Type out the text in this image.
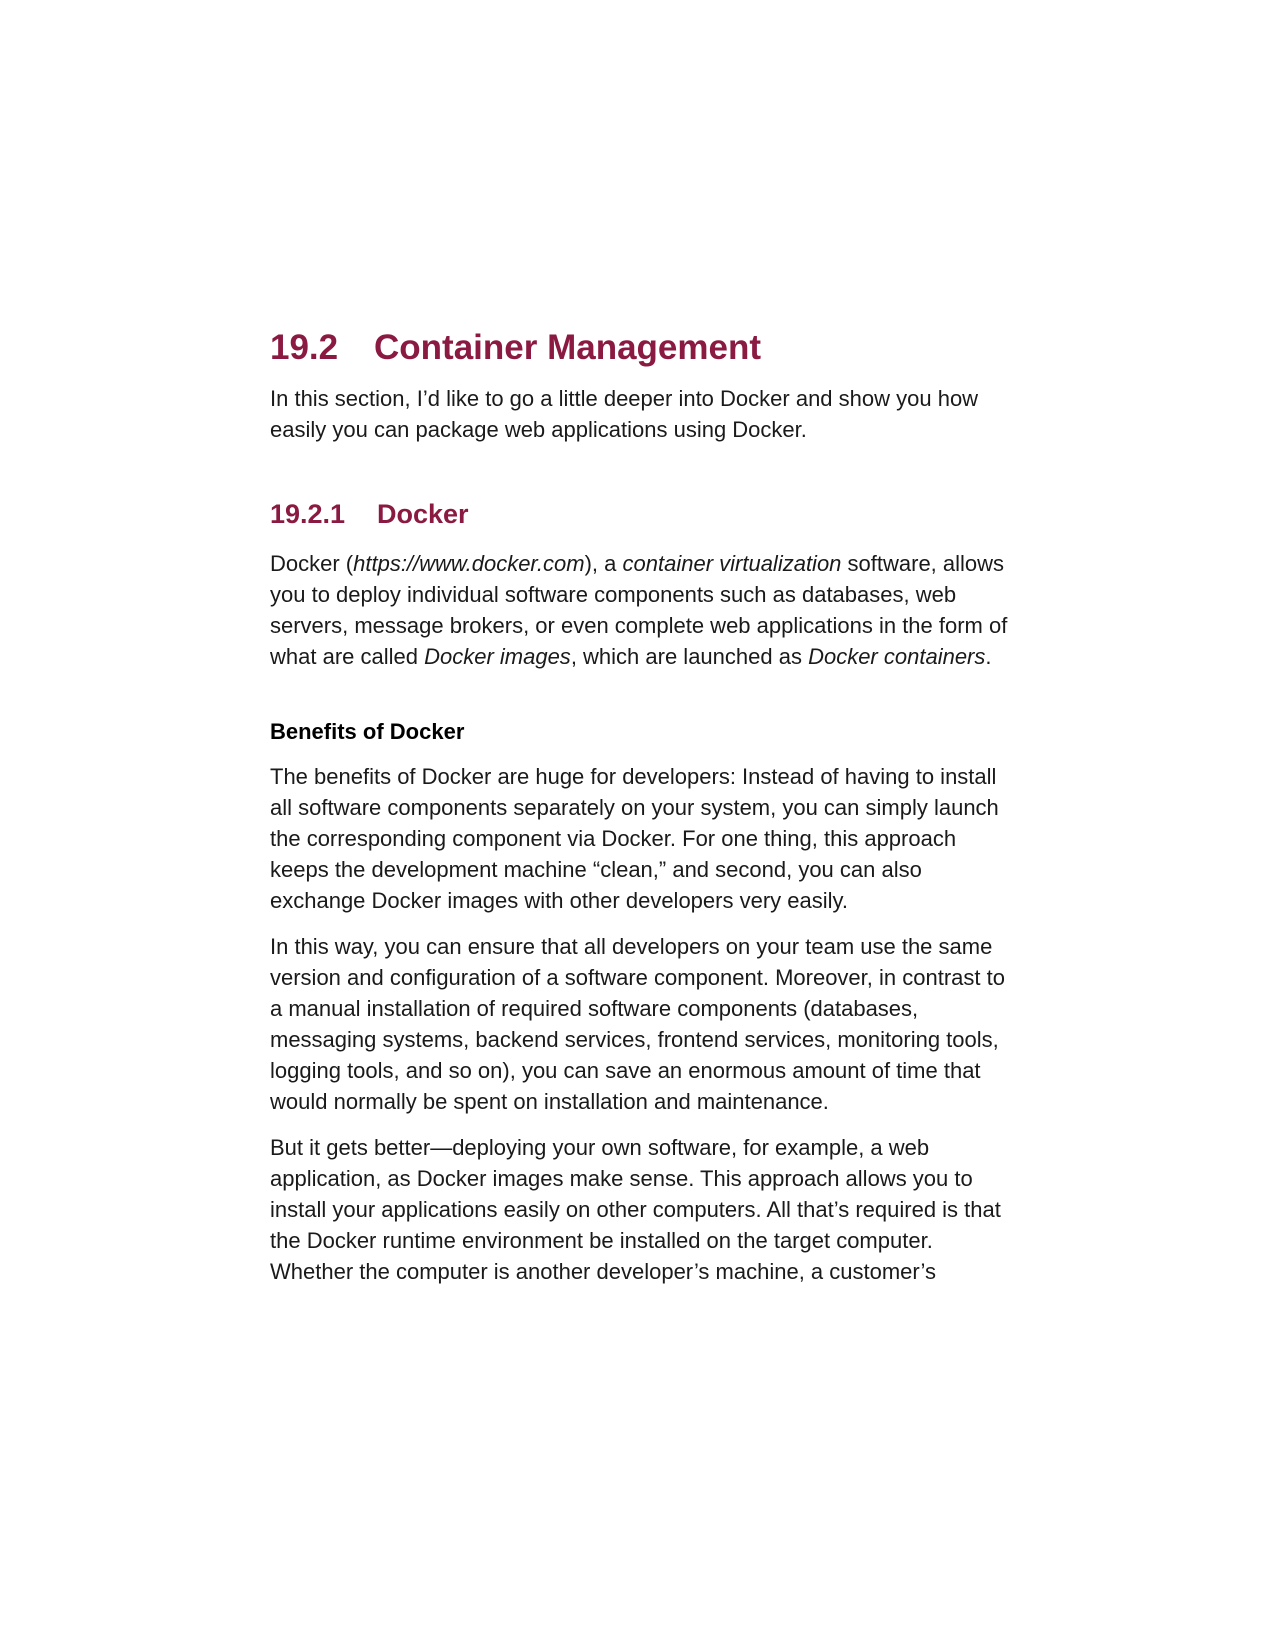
19.2 Container Management

In this section, I’d like to go a little deeper into Docker and show you how easily you can package web applications using Docker.

19.2.1 Docker

Docker (https://www.docker.com), a container virtualization software, allows you to deploy individual software components such as databases, web servers, message brokers, or even complete web applications in the form of what are called Docker images, which are launched as Docker containers.

Benefits of Docker

The benefits of Docker are huge for developers: Instead of having to install all software components separately on your system, you can simply launch the corresponding component via Docker. For one thing, this approach keeps the development machine “clean,” and second, you can also exchange Docker images with other developers very easily.

In this way, you can ensure that all developers on your team use the same version and configuration of a software component. Moreover, in contrast to a manual installation of required software components (databases, messaging systems, backend services, frontend services, monitoring tools, logging tools, and so on), you can save an enormous amount of time that would normally be spent on installation and maintenance.

But it gets better—deploying your own software, for example, a web application, as Docker images make sense. This approach allows you to install your applications easily on other computers. All that’s required is that the Docker runtime environment be installed on the target computer. Whether the computer is another developer’s machine, a customer’s
